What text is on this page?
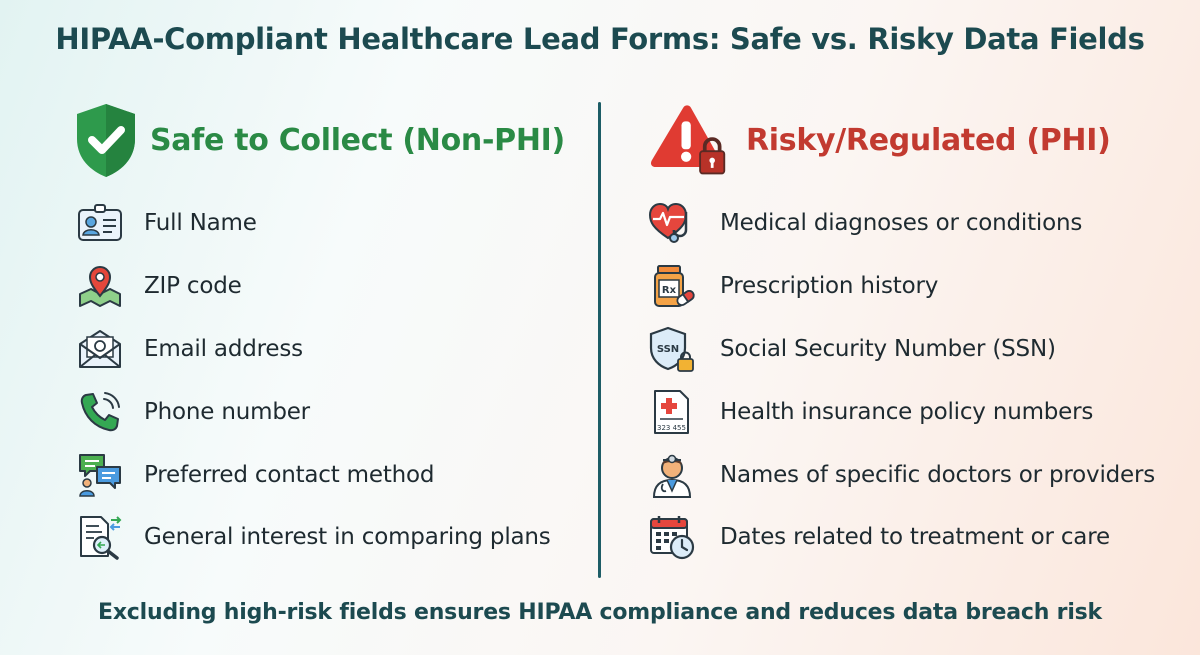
HIPAA-Compliant Healthcare Lead Forms: Safe vs. Risky Data Fields
Safe to Collect (Non-PHI)
Full Name
ZIP code
Email address
Phone number
Preferred contact method
General interest in comparing plans
Risky/Regulated (PHI)
Medical diagnoses or conditions
Rx Prescription history
SSN Social Security Number (SSN)
323 455
Health insurance policy numbers
Names of specific doctors or providers
Dates related to treatment or care
Excluding high-risk fields ensures HIPAA compliance and reduces data breach risk
